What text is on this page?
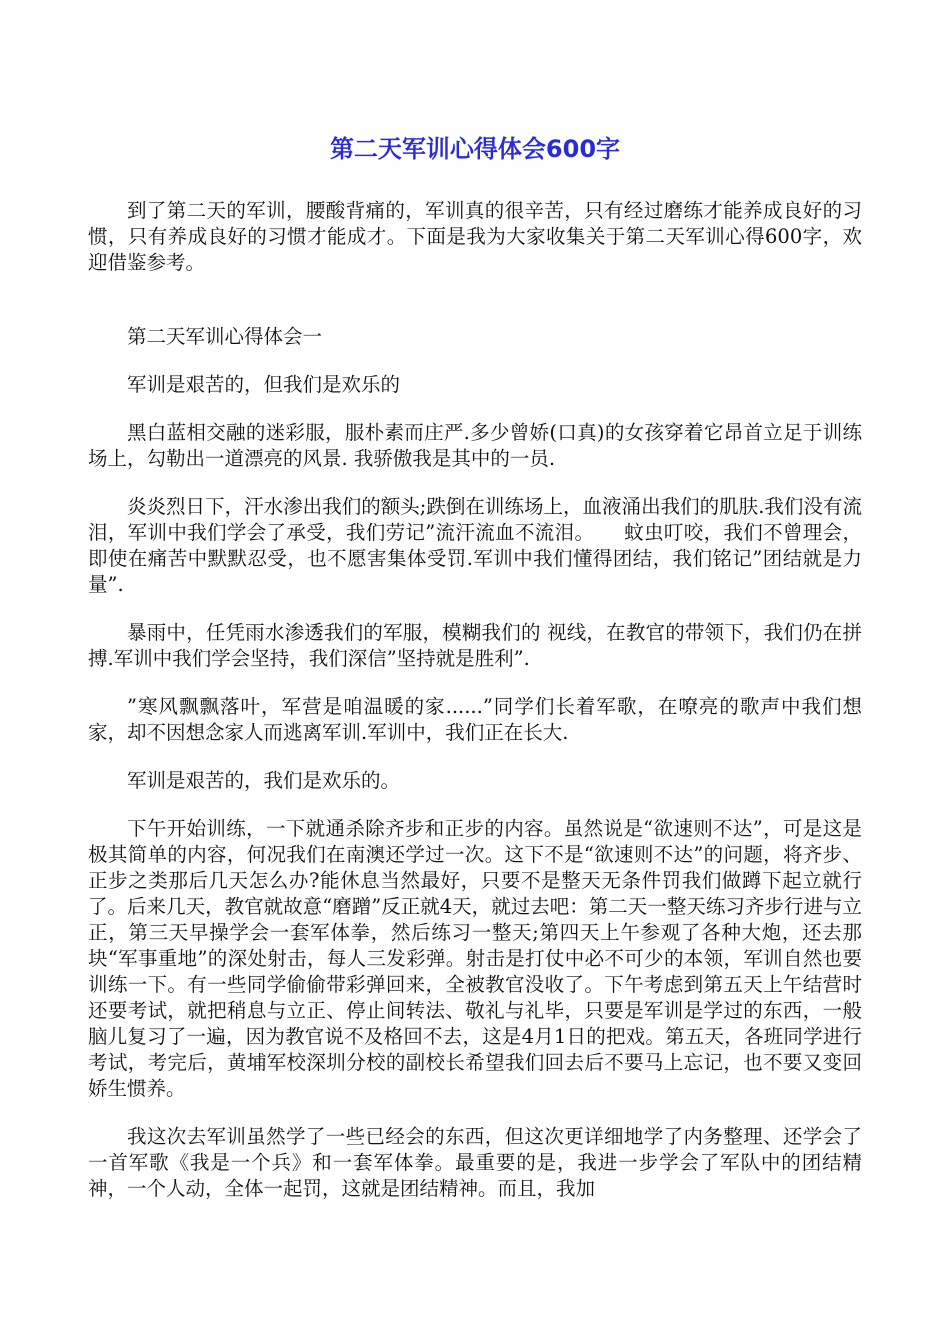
第二天军训心得体会600字

到了第二天的军训，腰酸背痛的，军训真的很辛苦，只有经过磨练才能养成良好的习惯，只有养成良好的习惯才能成才。下面是我为大家收集关于第二天军训心得600字，欢迎借鉴参考。

第二天军训心得体会一

军训是艰苦的，但我们是欢乐的

黑白蓝相交融的迷彩服，服朴素而庄严.多少曾娇(口真)的女孩穿着它昂首立足于训练场上，勾勒出一道漂亮的风景. 我骄傲我是其中的一员.

炎炎烈日下，汗水渗出我们的额头;跌倒在训练场上，血液涌出我们的肌肤.我们没有流泪，军训中我们学会了承受，我们劳记”流汗流血不流泪。　　蚊虫叮咬，我们不曾理会，即使在痛苦中默默忍受，也不愿害集体受罚.军训中我们懂得团结，我们铭记”团结就是力量”.

暴雨中，任凭雨水渗透我们的军服，模糊我们的 视线，在教官的带领下，我们仍在拼搏.军训中我们学会坚持，我们深信”坚持就是胜利”.

”寒风飘飘落叶，军营是咱温暖的家......”同学们长着军歌，在嘹亮的歌声中我们想家，却不因想念家人而逃离军训.军训中，我们正在长大.

军训是艰苦的，我们是欢乐的。

下午开始训练，一下就通杀除齐步和正步的内容。虽然说是“欲速则不达”，可是这是极其简单的内容，何况我们在南澳还学过一次。这下不是“欲速则不达”的问题，将齐步、正步之类那后几天怎么办?能休息当然最好，只要不是整天无条件罚我们做蹲下起立就行了。后来几天，教官就故意“磨蹭”反正就4天，就过去吧：第二天一整天练习齐步行进与立正，第三天早操学会一套军体拳，然后练习一整天;第四天上午参观了各种大炮，还去那块“军事重地”的深处射击，每人三发彩弹。射击是打仗中必不可少的本领，军训自然也要训练一下。有一些同学偷偷带彩弹回来，全被教官没收了。下午考虑到第五天上午结营时还要考试，就把稍息与立正、停止间转法、敬礼与礼毕，只要是军训是学过的东西，一般脑儿复习了一遍，因为教官说不及格回不去，这是4月1日的把戏。第五天，各班同学进行考试，考完后，黄埔军校深圳分校的副校长希望我们回去后不要马上忘记，也不要又变回娇生惯养。

我这次去军训虽然学了一些已经会的东西，但这次更详细地学了内务整理、还学会了一首军歌《我是一个兵》和一套军体拳。最重要的是，我进一步学会了军队中的团结精神，一个人动，全体一起罚，这就是团结精神。而且，我加
